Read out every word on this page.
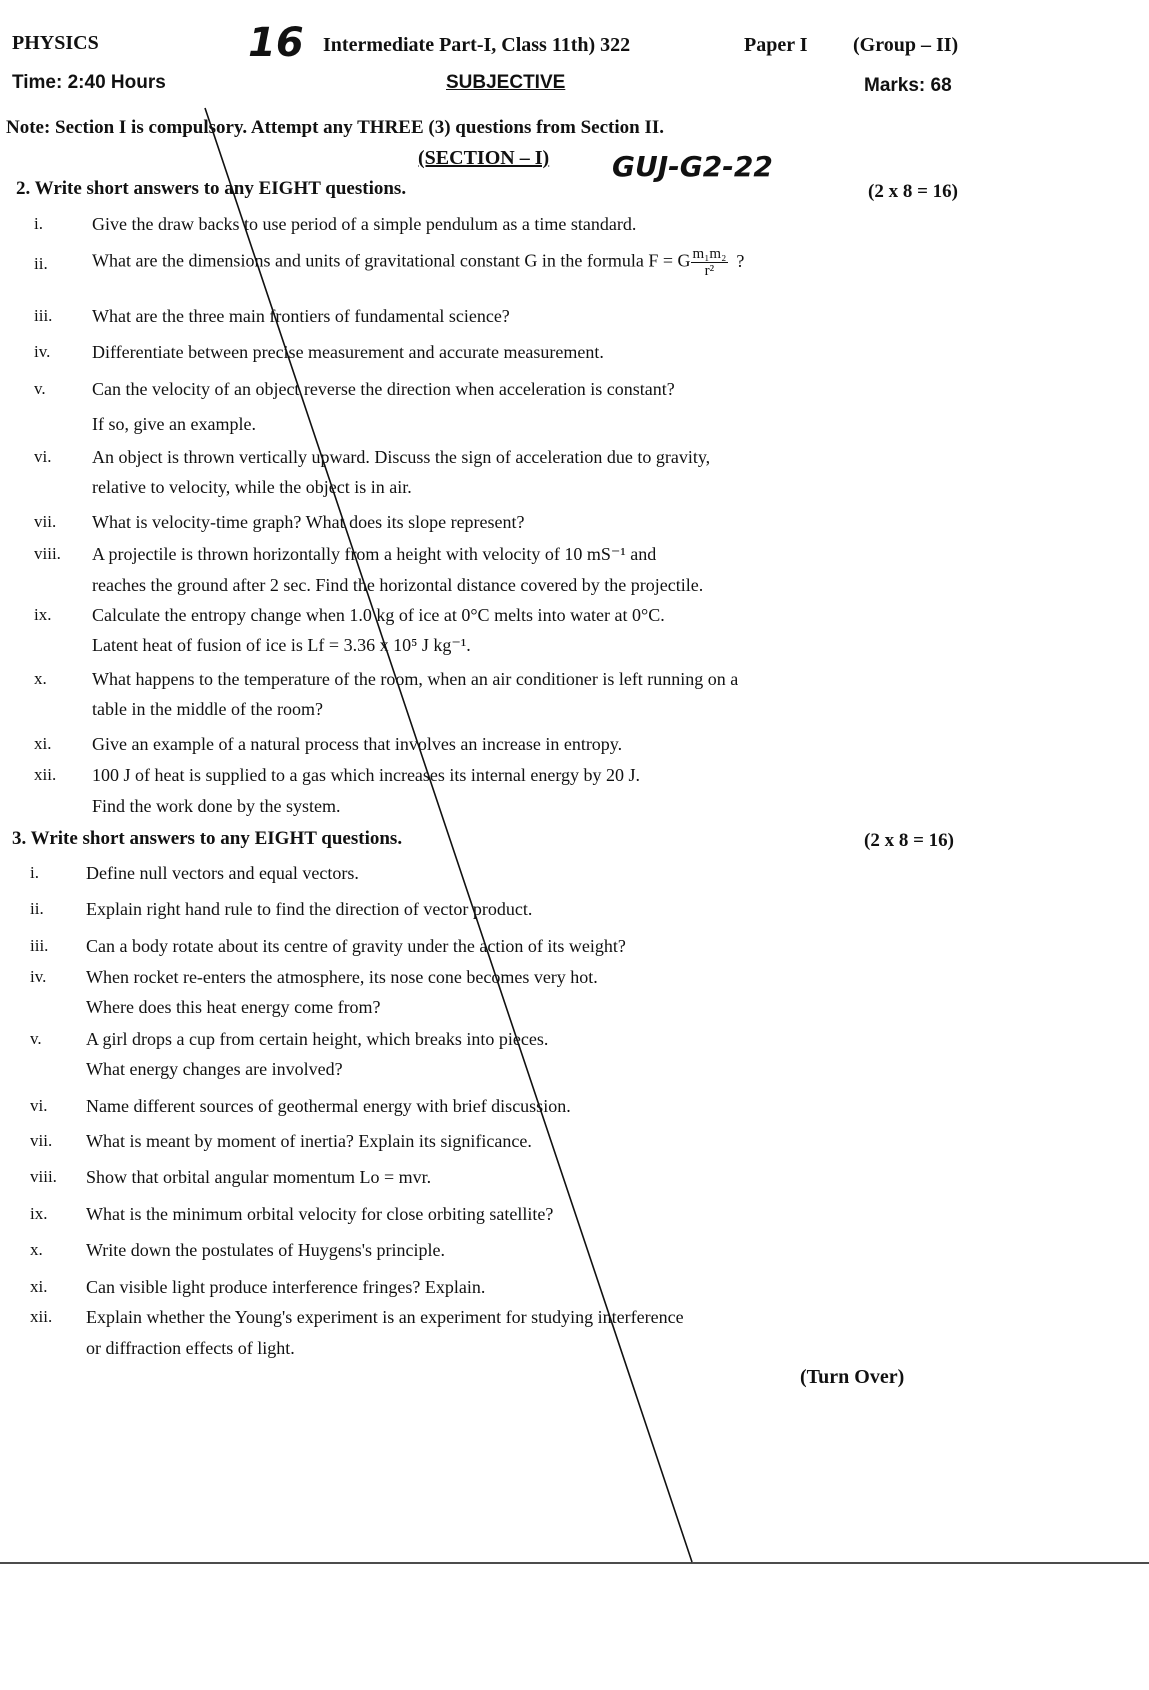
PHYSICS	16 Intermediate Part-I, Class 11th) 322	Paper I (Group – II)
Time: 2:40 Hours	SUBJECTIVE	Marks: 68
Note: Section I is compulsory. Attempt any THREE (3) questions from Section II.
(SECTION – I) GUJ-G2-22
2. Write short answers to any EIGHT questions.	(2 x 8 = 16)
3. Write short answers to any EIGHT questions.	(2 x 8 = 16)
(Turn Over)
i.	Give the draw backs to use period of a simple pendulum as a time standard.
ii. What are the dimensions and units of gravitational constant G in the formula F = G $\frac{\text{m₁m₂}}{\text{r²}}$ ?
iii. What are the three main frontiers of fundamental science?
iv. Differentiate between precise measurement and accurate measurement.
v.	Can the velocity of an object reverse the direction when acceleration is constant?
If so, give an example.
vi. An object is thrown vertically upward. Discuss the sign of acceleration due to gravity,
relative to velocity, while the object is in air.
vii. What is velocity-time graph? What does its slope represent?
viii. A projectile is thrown horizontally from a height with velocity of 10 mS⁻¹ and
reaches the ground after 2 sec. Find the horizontal distance covered by the projectile.
ix. Calculate the entropy change when 1.0 kg of ice at 0°C melts into water at 0°C.
Latent heat of fusion of ice is Lf = 3.36 x 10⁵ J kg⁻¹.
x.	What happens to the temperature of the room, when an air conditioner is left running on a
table in the middle of the room?
xi. Give an example of a natural process that involves an increase in entropy.
xii. 100 J of heat is supplied to a gas which increases its internal energy by 20 J.
Find the work done by the system.
i.	Define null vectors and equal vectors.
ii. Explain right hand rule to find the direction of vector product.
iii. Can a body rotate about its centre of gravity under the action of its weight?
iv. When rocket re-enters the atmosphere, its nose cone becomes very hot.
Where does this heat energy come from?
v. A girl drops a cup from certain height, which breaks into pieces.
What energy changes are involved?
vi. Name different sources of geothermal energy with brief discussion.
vii. What is meant by moment of inertia? Explain its significance.
viii. Show that orbital angular momentum Lo = mvr.
ix. What is the minimum orbital velocity for close orbiting satellite?
x. Write down the postulates of Huygens's principle.
xi. Can visible light produce interference fringes? Explain.
xii. Explain whether the Young's experiment is an experiment for studying interference
or diffraction effects of light.
